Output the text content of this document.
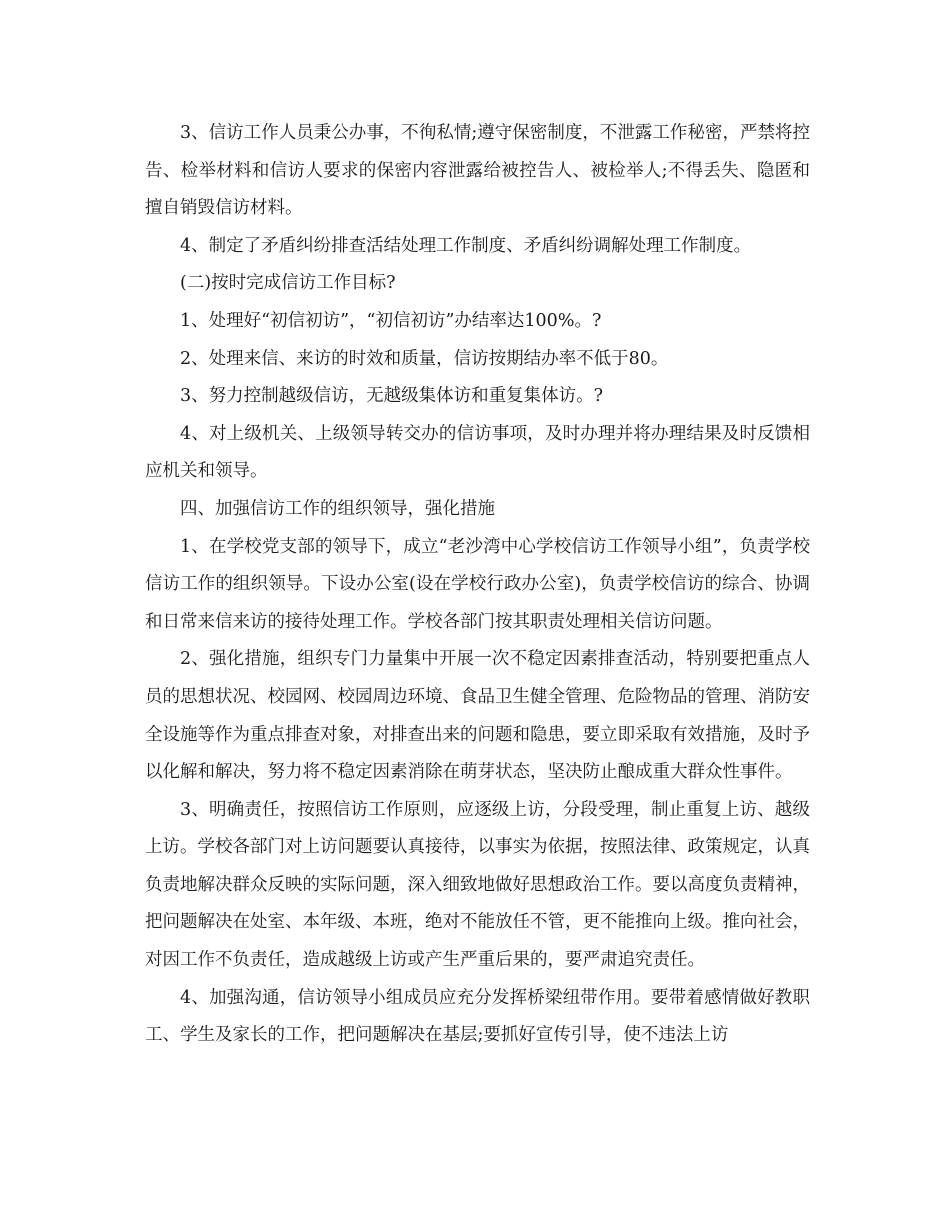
3、信访工作人员秉公办事，不徇私情;遵守保密制度，不泄露工作秘密，严禁将控告、检举材料和信访人要求的保密内容泄露给被控告人、被检举人;不得丢失、隐匿和擅自销毁信访材料。

4、制定了矛盾纠纷排查活结处理工作制度、矛盾纠纷调解处理工作制度。

(二)按时完成信访工作目标?

1、处理好“初信初访”，“初信初访”办结率达100%。?

2、处理来信、来访的时效和质量，信访按期结办率不低于80。

3、努力控制越级信访，无越级集体访和重复集体访。?

4、对上级机关、上级领导转交办的信访事项，及时办理并将办理结果及时反馈相应机关和领导。

四、加强信访工作的组织领导，强化措施

1、在学校党支部的领导下，成立“老沙湾中心学校信访工作领导小组”，负责学校信访工作的组织领导。下设办公室(设在学校行政办公室)，负责学校信访的综合、协调和日常来信来访的接待处理工作。学校各部门按其职责处理相关信访问题。

2、强化措施，组织专门力量集中开展一次不稳定因素排查活动，特别要把重点人员的思想状况、校园网、校园周边环境、食品卫生健全管理、危险物品的管理、消防安全设施等作为重点排查对象，对排查出来的问题和隐患，要立即采取有效措施，及时予以化解和解决，努力将不稳定因素消除在萌芽状态，坚决防止酿成重大群众性事件。

3、明确责任，按照信访工作原则，应逐级上访，分段受理，制止重复上访、越级上访。学校各部门对上访问题要认真接待，以事实为依据，按照法律、政策规定，认真负责地解决群众反映的实际问题，深入细致地做好思想政治工作。要以高度负责精神，把问题解决在处室、本年级、本班，绝对不能放任不管，更不能推向上级。推向社会，对因工作不负责任，造成越级上访或产生严重后果的，要严肃追究责任。

4、加强沟通，信访领导小组成员应充分发挥桥梁纽带作用。要带着感情做好教职工、学生及家长的工作，把问题解决在基层;要抓好宣传引导，使不违法上访
